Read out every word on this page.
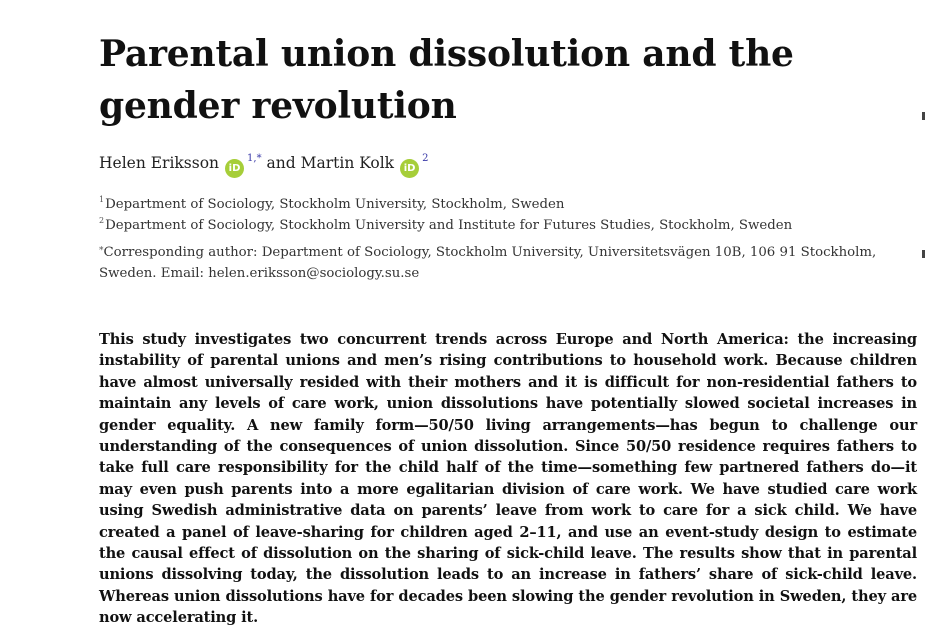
Parental union dissolution and the gender revolution
Helen Eriksson iD$^{1,*}$ and Martin Kolk iD$^2$
$^1$Department of Sociology, Stockholm University, Stockholm, Sweden
$^2$Department of Sociology, Stockholm University and Institute for Futures Studies, Stockholm, Sweden
*Corresponding author: Department of Sociology, Stockholm University, Universitetsvägen 10B, 106 91 Stockholm, Sweden. Email: helen.eriksson@sociology.su.se

This study investigates two concurrent trends across Europe and North America: the increasing instability of parental unions and men’s rising contributions to household work. Because children have almost universally resided with their mothers and it is difficult for non-residential fathers to maintain any levels of care work, union dissolutions have potentially slowed societal increases in gender equality. A new family form—50/50 living arrangements—has begun to challenge our understanding of the consequences of union dissolution. Since 50/50 residence requires fathers to take full care responsibility for the child half of the time—something few partnered fathers do—it may even push parents into a more egalitarian division of care work. We have studied care work using Swedish administrative data on parents’ leave from work to care for a sick child. We have created a panel of leave-sharing for children aged 2–11, and use an event-study design to estimate the causal effect of dissolution on the sharing of sick-child leave. The results show that in parental unions dissolving today, the dissolution leads to an increase in fathers’ share of sick-child leave. Whereas union dissolutions have for decades been slowing the gender revolution in Sweden, they are now accelerating it.
